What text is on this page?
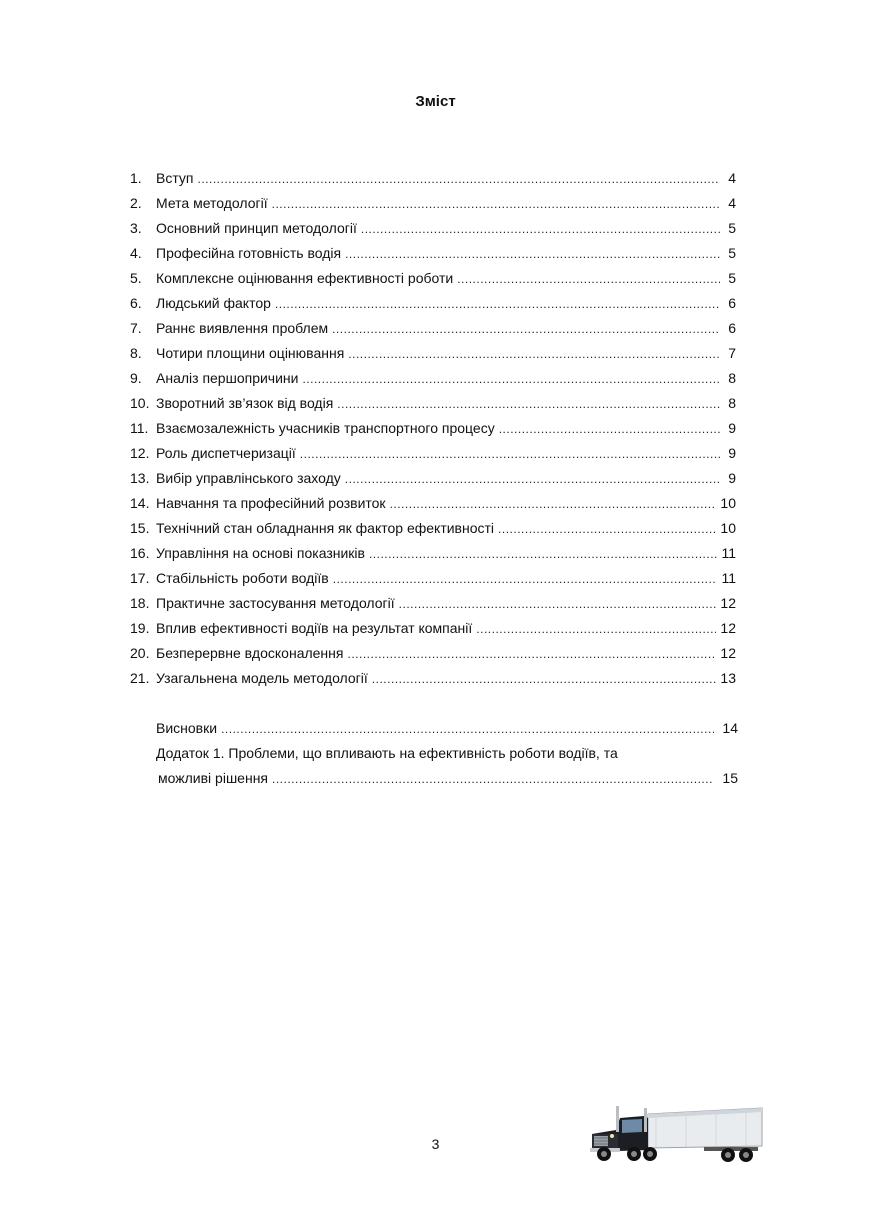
Зміст
1.	Вступ .....	4
2.	Мета методології .....	4
3.	Основний принцип методології .....	5
4.	Професійна готовність водія .....	5
5.	Комплексне оцінювання ефективності роботи .....	5
6.	Людський фактор .....	6
7.	Раннє виявлення проблем .....	6
8.	Чотири площини оцінювання .....	7
9.	Аналіз першопричини .....	8
10. Зворотний зв’язок від водія .....	8
11. Взаємозалежність учасників транспортного процесу .....	9
12. Роль диспетчеризації .....	9
13. Вибір управлінського заходу .....	9
14. Навчання та професійний розвиток .....	10
15. Технічний стан обладнання як фактор ефективності .....	10
16. Управління на основі показників .....	11
17. Стабільність роботи водіїв .....	11
18. Практичне застосування методології .....	12
19. Вплив ефективності водіїв на результат компанії .....	12
20. Безперервне вдосконалення .....	12
21. Узагальнена модель методології .....	13
Висновки .....	14
Додаток 1. Проблеми, що впливають на ефективність роботи водіїв, та
можливі рішення .....	15
3
